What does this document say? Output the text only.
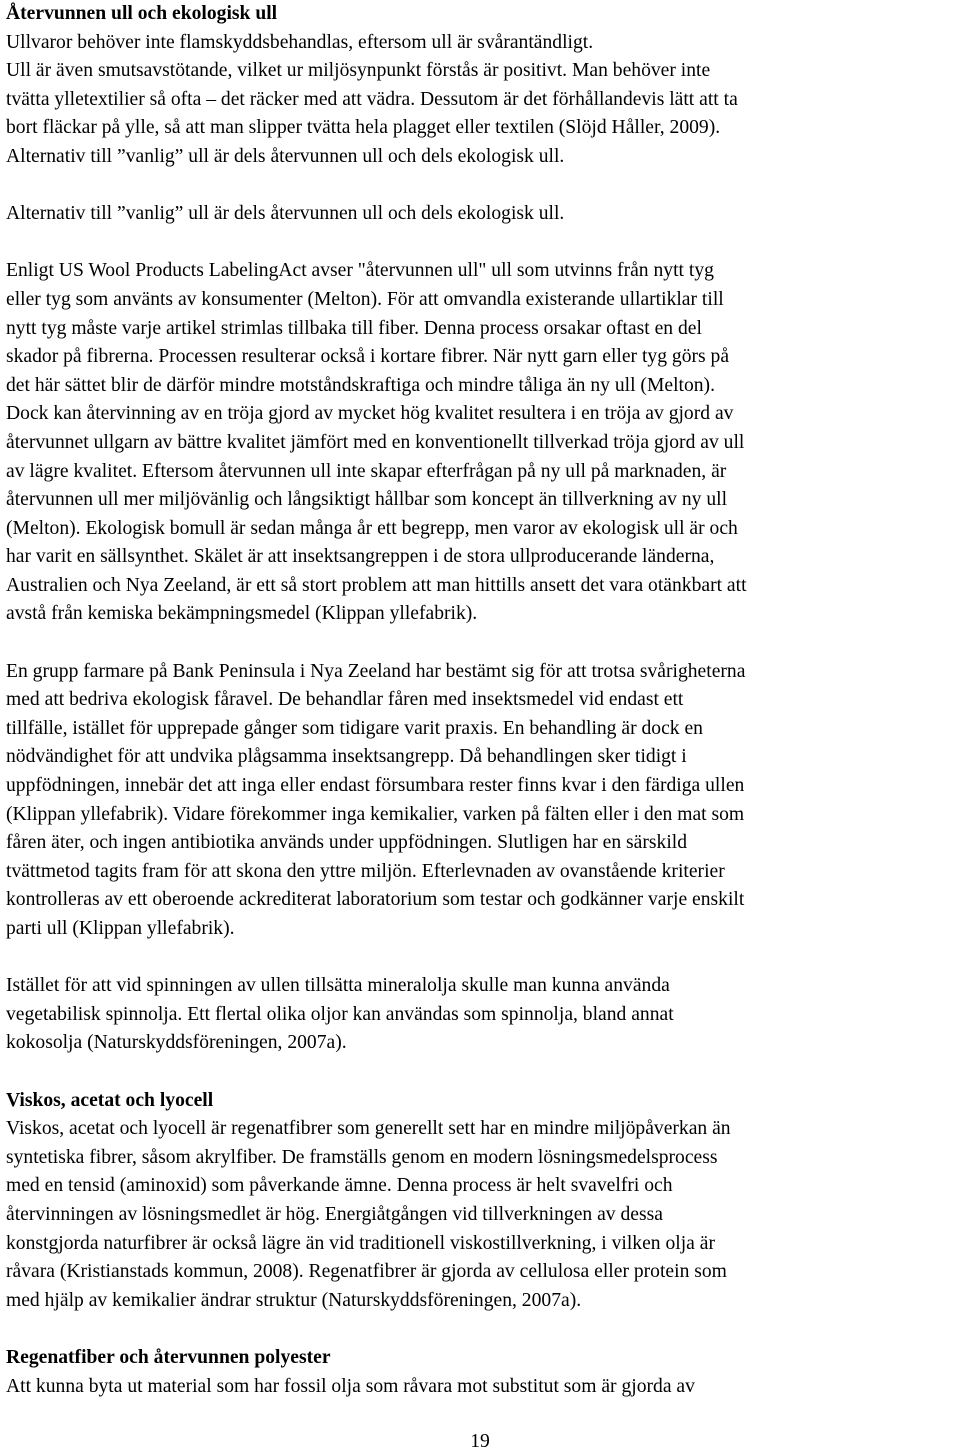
Återvunnen ull och ekologisk ull
Ullvaror behöver inte flamskyddsbehandlas, eftersom ull är svårantändligt.
Ull är även smutsavstötande, vilket ur miljösynpunkt förstås är positivt. Man behöver inte
tvätta ylletextilier så ofta – det räcker med att vädra. Dessutom är det förhållandevis lätt att ta
bort fläckar på ylle, så att man slipper tvätta hela plagget eller textilen (Slöjd Håller, 2009).
Alternativ till ”vanlig” ull är dels återvunnen ull och dels ekologisk ull.
Alternativ till ”vanlig” ull är dels återvunnen ull och dels ekologisk ull.
Enligt US Wool Products LabelingAct avser "återvunnen ull" ull som utvinns från nytt tyg
eller tyg som använts av konsumenter (Melton). För att omvandla existerande ullartiklar till
nytt tyg måste varje artikel strimlas tillbaka till fiber. Denna process orsakar oftast en del
skador på fibrerna. Processen resulterar också i kortare fibrer. När nytt garn eller tyg görs på
det här sättet blir de därför mindre motståndskraftiga och mindre tåliga än ny ull (Melton).
Dock kan återvinning av en tröja gjord av mycket hög kvalitet resultera i en tröja av gjord av
återvunnet ullgarn av bättre kvalitet jämfört med en konventionellt tillverkad tröja gjord av ull
av lägre kvalitet. Eftersom återvunnen ull inte skapar efterfrågan på ny ull på marknaden, är
återvunnen ull mer miljövänlig och långsiktigt hållbar som koncept än tillverkning av ny ull
(Melton). Ekologisk bomull är sedan många år ett begrepp, men varor av ekologisk ull är och
har varit en sällsynthet. Skälet är att insektsangreppen i de stora ullproducerande länderna,
Australien och Nya Zeeland, är ett så stort problem att man hittills ansett det vara otänkbart att
avstå från kemiska bekämpningsmedel (Klippan yllefabrik).
En grupp farmare på Bank Peninsula i Nya Zeeland har bestämt sig för att trotsa svårigheterna
med att bedriva ekologisk fåravel. De behandlar fåren med insektsmedel vid endast ett
tillfälle, istället för upprepade gånger som tidigare varit praxis. En behandling är dock en
nödvändighet för att undvika plågsamma insektsangrepp. Då behandlingen sker tidigt i
uppfödningen, innebär det att inga eller endast försumbara rester finns kvar i den färdiga ullen
(Klippan yllefabrik). Vidare förekommer inga kemikalier, varken på fälten eller i den mat som
fåren äter, och ingen antibiotika används under uppfödningen. Slutligen har en särskild
tvättmetod tagits fram för att skona den yttre miljön. Efterlevnaden av ovanstående kriterier
kontrolleras av ett oberoende ackrediterat laboratorium som testar och godkänner varje enskilt
parti ull (Klippan yllefabrik).
Istället för att vid spinningen av ullen tillsätta mineralolja skulle man kunna använda
vegetabilisk spinnolja. Ett flertal olika oljor kan användas som spinnolja, bland annat
kokosolja (Naturskyddsföreningen, 2007a).
Viskos, acetat och lyocell
Viskos, acetat och lyocell är regenatfibrer som generellt sett har en mindre miljöpåverkan än
syntetiska fibrer, såsom akrylfiber. De framställs genom en modern lösningsmedelsprocess
med en tensid (aminoxid) som påverkande ämne. Denna process är helt svavelfri och
återvinningen av lösningsmedlet är hög. Energiåtgången vid tillverkningen av dessa
konstgjorda naturfibrer är också lägre än vid traditionell viskostillverkning, i vilken olja är
råvara (Kristianstads kommun, 2008). Regenatfibrer är gjorda av cellulosa eller protein som
med hjälp av kemikalier ändrar struktur (Naturskyddsföreningen, 2007a).
Regenatfiber och återvunnen polyester
Att kunna byta ut material som har fossil olja som råvara mot substitut som är gjorda av
19
